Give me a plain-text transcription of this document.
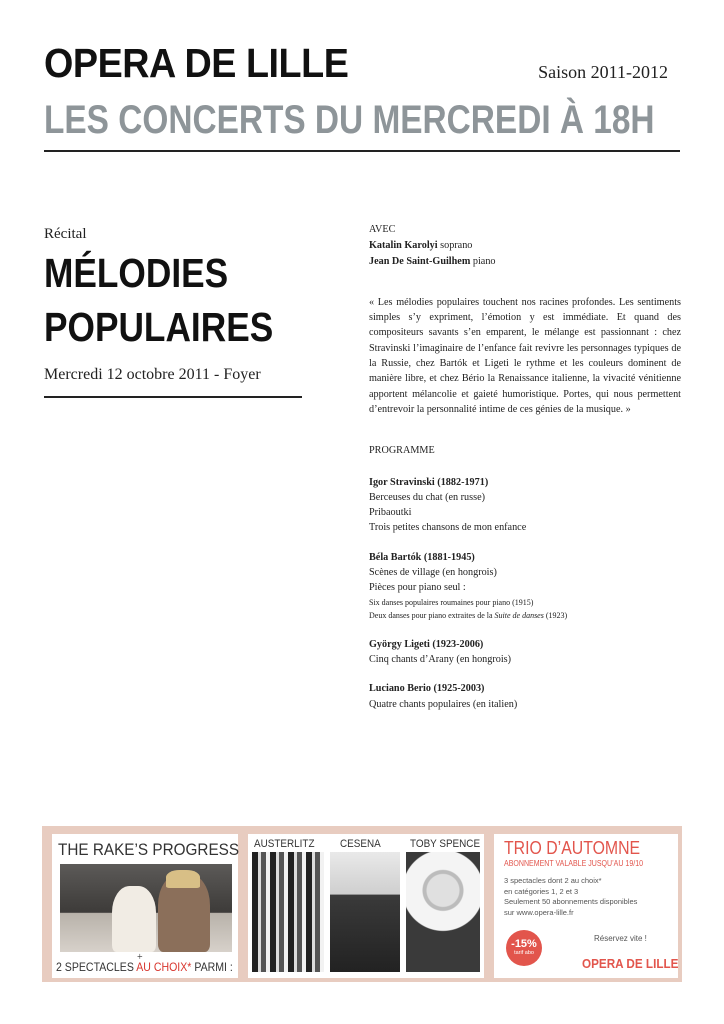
OPERA DE LILLE	Saison 2011-2012
LES CONCERTS DU MERCREDI À 18H
Récital
MÉLODIES
POPULAIRES
Mercredi 12 octobre 2011 - Foyer
AVEC
Katalin Karolyi soprano
Jean De Saint-Guilhem piano

« Les mélodies populaires touchent nos racines profondes. Les sentiments simples s’y expriment, l’émotion y est immédiate. Et quand des compositeurs savants s’en emparent, le mélange est passionnant : chez Stravinski l’imaginaire de l’enfance fait revivre les personnages typiques de la Russie, chez Bartók et Ligeti le rythme et les couleurs dominent de manière libre, et chez Bério la Renaissance italienne, la vivacité vénitienne apportent mélancolie et gaieté humoristique. Portes, qui nous permettent d’entrevoir la personnalité intime de ces génies de la musique. »

PROGRAMME
Igor Stravinski (1882-1971)
Berceuses du chat (en russe)
Pribaoutki
Trois petites chansons de mon enfance
Béla Bartók (1881-1945)
Scènes de village (en hongrois)
Pièces pour piano seul :
Six danses populaires roumaines pour piano (1915)
Deux danses pour piano extraites de la Suite de danses (1923)
György Ligeti (1923-2006)
Cinq chants d’Arany (en hongrois)
Luciano Berio (1925-2003)
Quatre chants populaires (en italien)
THE RAKE’S PROGRESS
+
2 SPECTACLES AU CHOIX* PARMI :
AUSTERLITZ CESENA	TOBY SPENCE TRIO D’AUTOMNE
ABONNEMENT VALABLE JUSQU’AU 19/10
3 spectacles dont 2 au choix*
en catégories 1, 2 et 3
Seulement 50 abonnements disponibles
sur www.opera-lille.fr
-15%
tarif abo
Réservez vite !
OPERA DE LILLE
